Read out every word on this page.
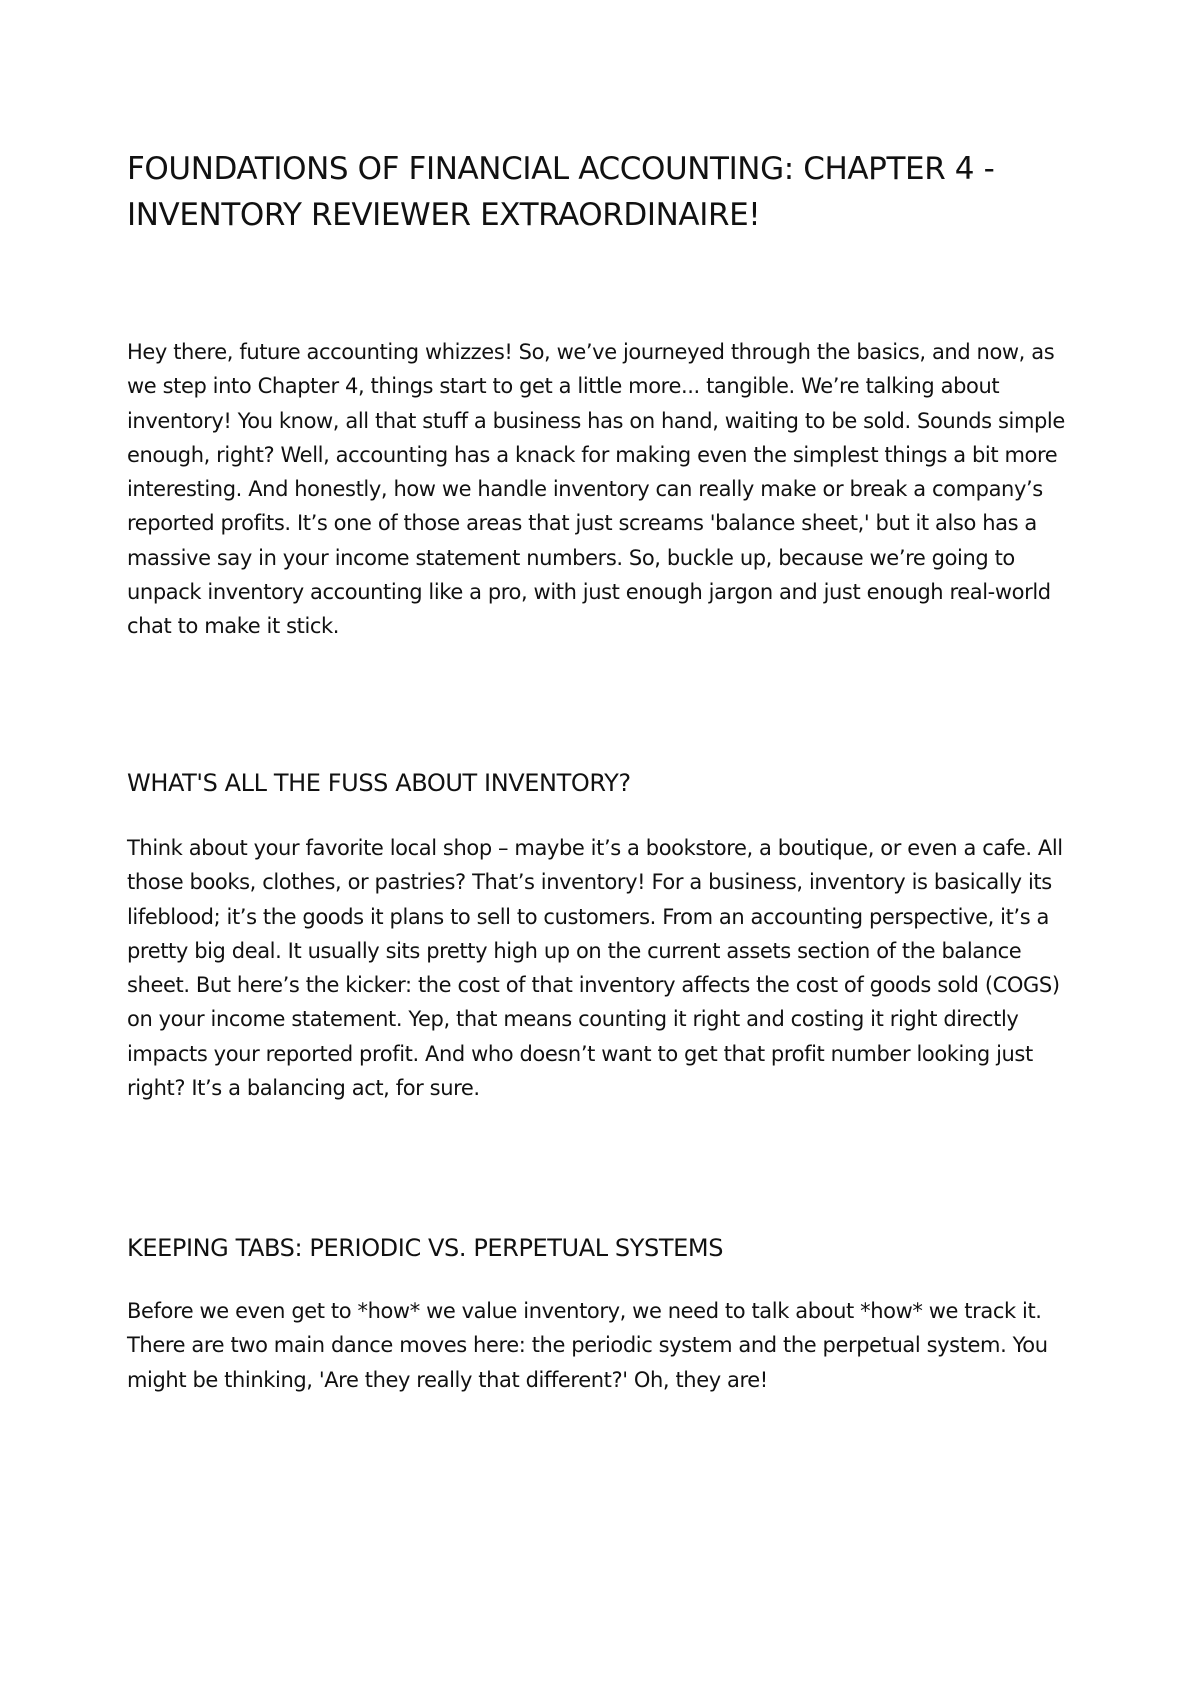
FOUNDATIONS OF FINANCIAL ACCOUNTING: CHAPTER 4 - INVENTORY REVIEWER EXTRAORDINAIRE!

Hey there, future accounting whizzes! So, we’ve journeyed through the basics, and now, as we step into Chapter 4, things start to get a little more... tangible. We’re talking about inventory! You know, all that stuff a business has on hand, waiting to be sold. Sounds simple enough, right? Well, accounting has a knack for making even the simplest things a bit more interesting. And honestly, how we handle inventory can really make or break a company’s reported profits. It’s one of those areas that just screams 'balance sheet,' but it also has a massive say in your income statement numbers. So, buckle up, because we’re going to unpack inventory accounting like a pro, with just enough jargon and just enough real-world chat to make it stick.

WHAT'S ALL THE FUSS ABOUT INVENTORY?

Think about your favorite local shop – maybe it’s a bookstore, a boutique, or even a cafe. All those books, clothes, or pastries? That’s inventory! For a business, inventory is basically its lifeblood; it’s the goods it plans to sell to customers. From an accounting perspective, it’s a pretty big deal. It usually sits pretty high up on the current assets section of the balance sheet. But here’s the kicker: the cost of that inventory affects the cost of goods sold (COGS) on your income statement. Yep, that means counting it right and costing it right directly impacts your reported profit. And who doesn’t want to get that profit number looking just right? It’s a balancing act, for sure.

KEEPING TABS: PERIODIC VS. PERPETUAL SYSTEMS

Before we even get to *how* we value inventory, we need to talk about *how* we track it. There are two main dance moves here: the periodic system and the perpetual system. You might be thinking, 'Are they really that different?' Oh, they are!
